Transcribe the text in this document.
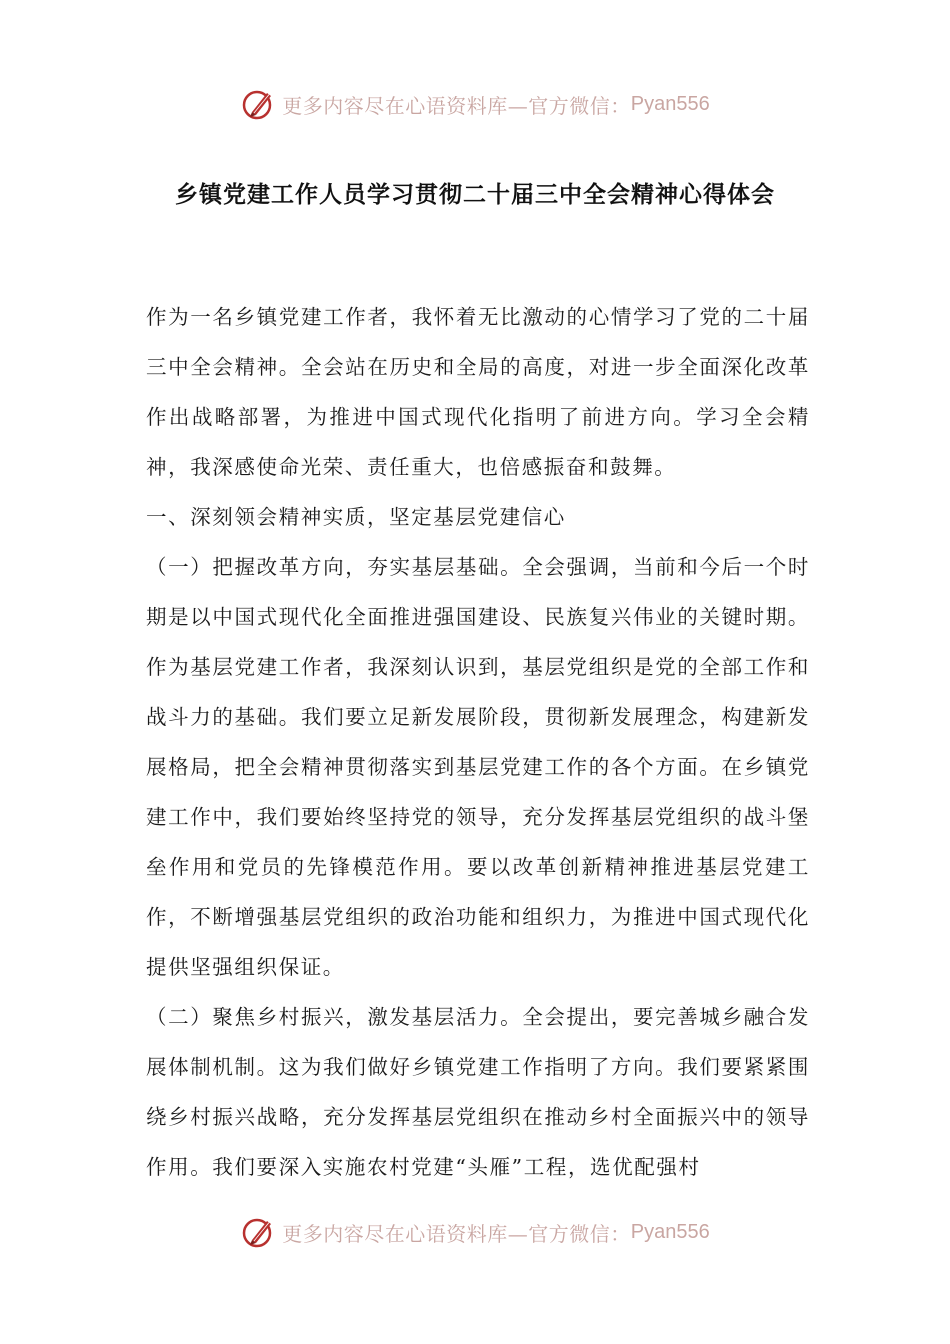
更多内容尽在心语资料库—官方微信： Pyan556
乡镇党建工作人员学习贯彻二十届三中全会精神心得体会

作为一名乡镇党建工作者，我怀着无比激动的心情学习了党的二十届三中全会精神。全会站在历史和全局的高度，对进一步全面深化改革作出战略部署，为推进中国式现代化指明了前进方向。学习全会精神，我深感使命光荣、责任重大，也倍感振奋和鼓舞。

一、深刻领会精神实质，坚定基层党建信心

（一）把握改革方向，夯实基层基础。全会强调，当前和今后一个时期是以中国式现代化全面推进强国建设、民族复兴伟业的关键时期。作为基层党建工作者，我深刻认识到，基层党组织是党的全部工作和战斗力的基础。我们要立足新发展阶段，贯彻新发展理念，构建新发展格局，把全会精神贯彻落实到基层党建工作的各个方面。在乡镇党建工作中，我们要始终坚持党的领导，充分发挥基层党组织的战斗堡垒作用和党员的先锋模范作用。要以改革创新精神推进基层党建工作，不断增强基层党组织的政治功能和组织力，为推进中国式现代化提供坚强组织保证。

（二）聚焦乡村振兴，激发基层活力。全会提出，要完善城乡融合发展体制机制。这为我们做好乡镇党建工作指明了方向。我们要紧紧围绕乡村振兴战略，充分发挥基层党组织在推动乡村全面振兴中的领导作用。我们要深入实施农村党建“头雁”工程，选优配强村

更多内容尽在心语资料库—官方微信： Pyan556
